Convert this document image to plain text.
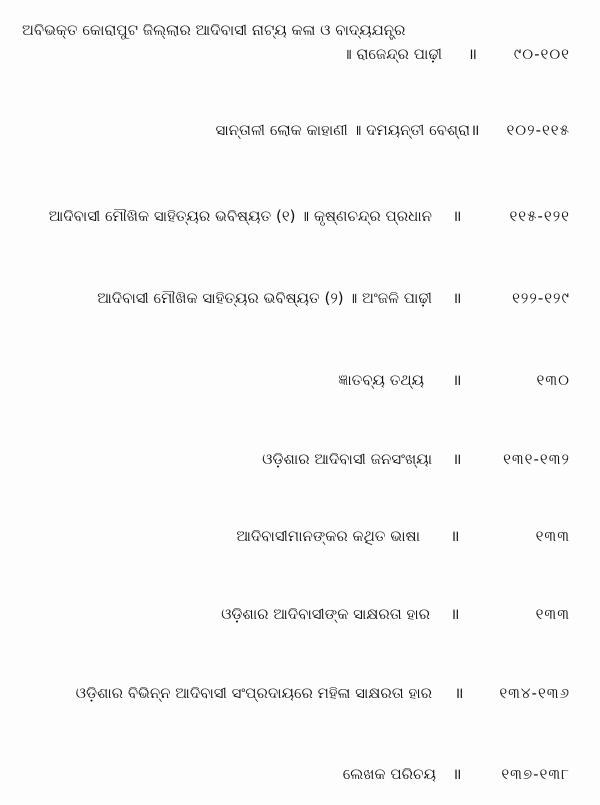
ଅବିଭକ୍ତ କୋରାପୁଟ ଜିଲ୍ଲାର ଆଦିବାସୀ ନାଟ୍ୟ କଳା ଓ ବାଦ୍ୟଯନ୍ତ୍ର
॥ ରାଜେନ୍ଦ୍ର ପାଢ଼ୀ ॥ ୯୦-୧୦୧
ସାନ୍ତାଳୀ ଲୋକ କାହାଣୀ ॥ ଦମୟନ୍ତୀ ବେଶ୍ରା ॥ ୧୦୨-୧୧୫
ଆଦିବାସୀ ମୌଖିକ ସାହିତ୍ୟର ଭବିଷ୍ୟତ (୧) ॥ କୃଷ୍ଣଚନ୍ଦ୍ର ପ୍ରଧାନ ॥	୧୧୫-୧୨୧
ଆଦିବାସୀ ମୌଖିକ ସାହିତ୍ୟର ଭବିଷ୍ୟତ (୨) ॥ ଅଂଜଳି ପାଢ଼ୀ ॥	୧୨୨-୧୨୯
ଜ୍ଞାତବ୍ୟ ତଥ୍ୟ ॥	୧୩୦
ଓଡ଼ିଶାର ଆଦିବାସୀ ଜନସଂଖ୍ୟା ॥	୧୩୧-୧୩୨
ଆଦିବାସୀମାନଙ୍କର କଥିତ ଭାଷା ॥	୧୩୩
ଓଡ଼ିଶାର ଆଦିବାସୀଙ୍କ ସାକ୍ଷରତା ହାର ॥	୧୩୩
ଓଡ଼ିଶାର ବିଭିନ୍ନ ଆଦିବାସୀ ସଂପ୍ରଦାୟରେ ମହିଳା ସାକ୍ଷରତା ହାର ॥ ୧୩୪-୧୩୬
ଲେଖକ ପରିଚୟ ॥	୧୩୭-୧୩୮
